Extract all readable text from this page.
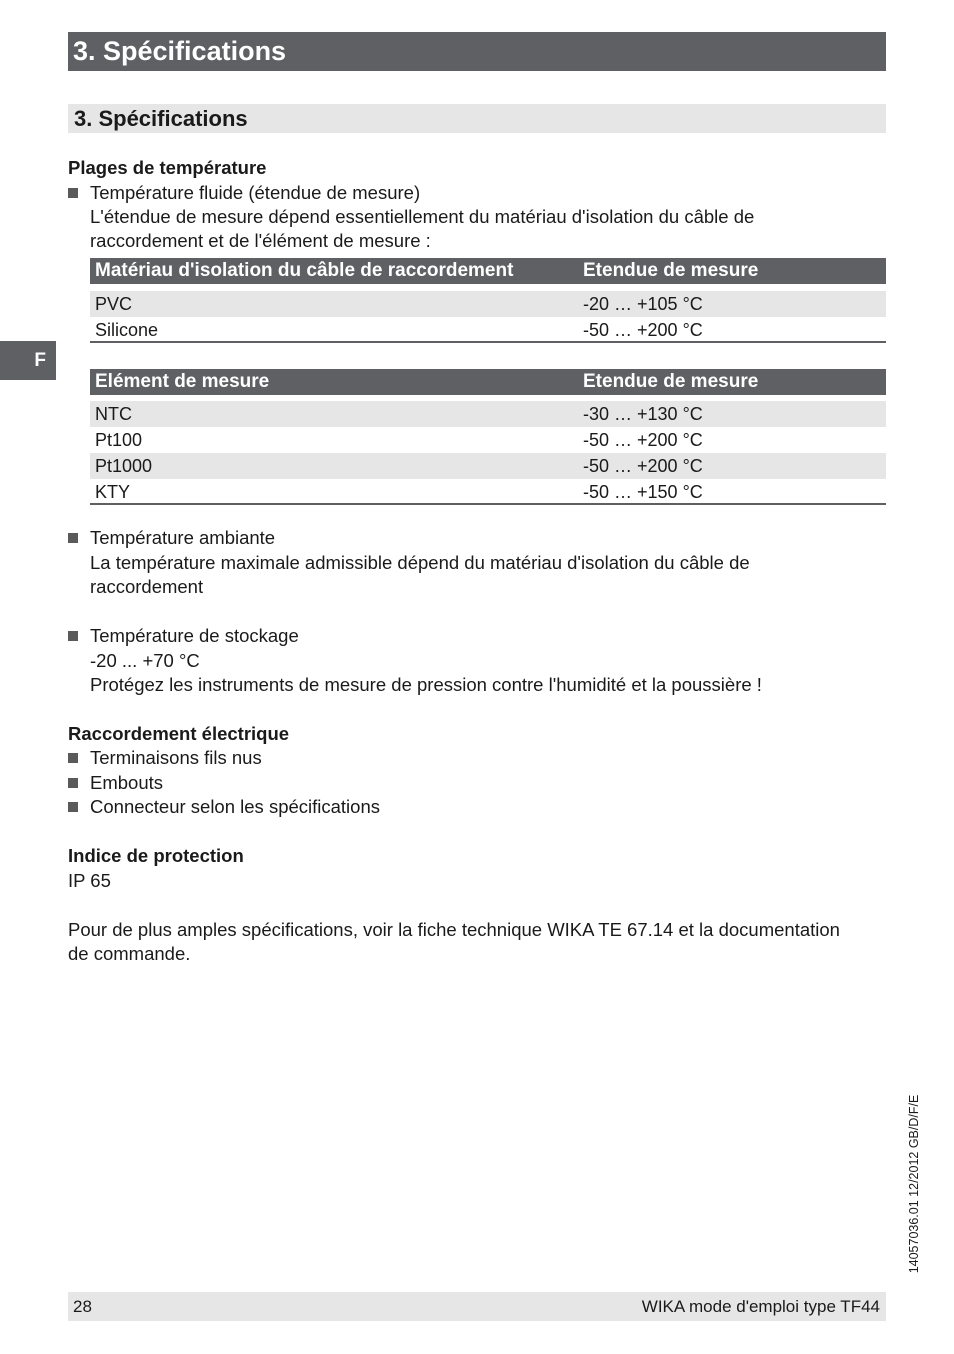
3. Spécifications
3. Spécifications
F
Plages de température
Température fluide (étendue de mesure)
L'étendue de mesure dépend essentiellement du matériau d'isolation du câble de
raccordement et de l'élément de mesure :
Matériau d'isolation du câble de raccordement	Etendue de mesure
PVC	-20 … +105 °C
Silicone	-50 … +200 °C
Elément de mesure	Etendue de mesure
NTC	-30 … +130 °C
Pt100	-50 … +200 °C
Pt1000	-50 … +200 °C
KTY	-50 … +150 °C
Température ambiante
La température maximale admissible dépend du matériau d'isolation du câble de
raccordement
Température de stockage
-20 ... +70 °C
Protégez les instruments de mesure de pression contre l'humidité et la poussière !
Raccordement électrique
Terminaisons fils nus
Embouts
Connecteur selon les spécifications
Indice de protection
IP 65
Pour de plus amples spécifications, voir la fiche technique WIKA TE 67.14 et la documentation
de commande.
14057036.01 12/2012 GB/D/F/E
28	WIKA mode d'emploi type TF44
